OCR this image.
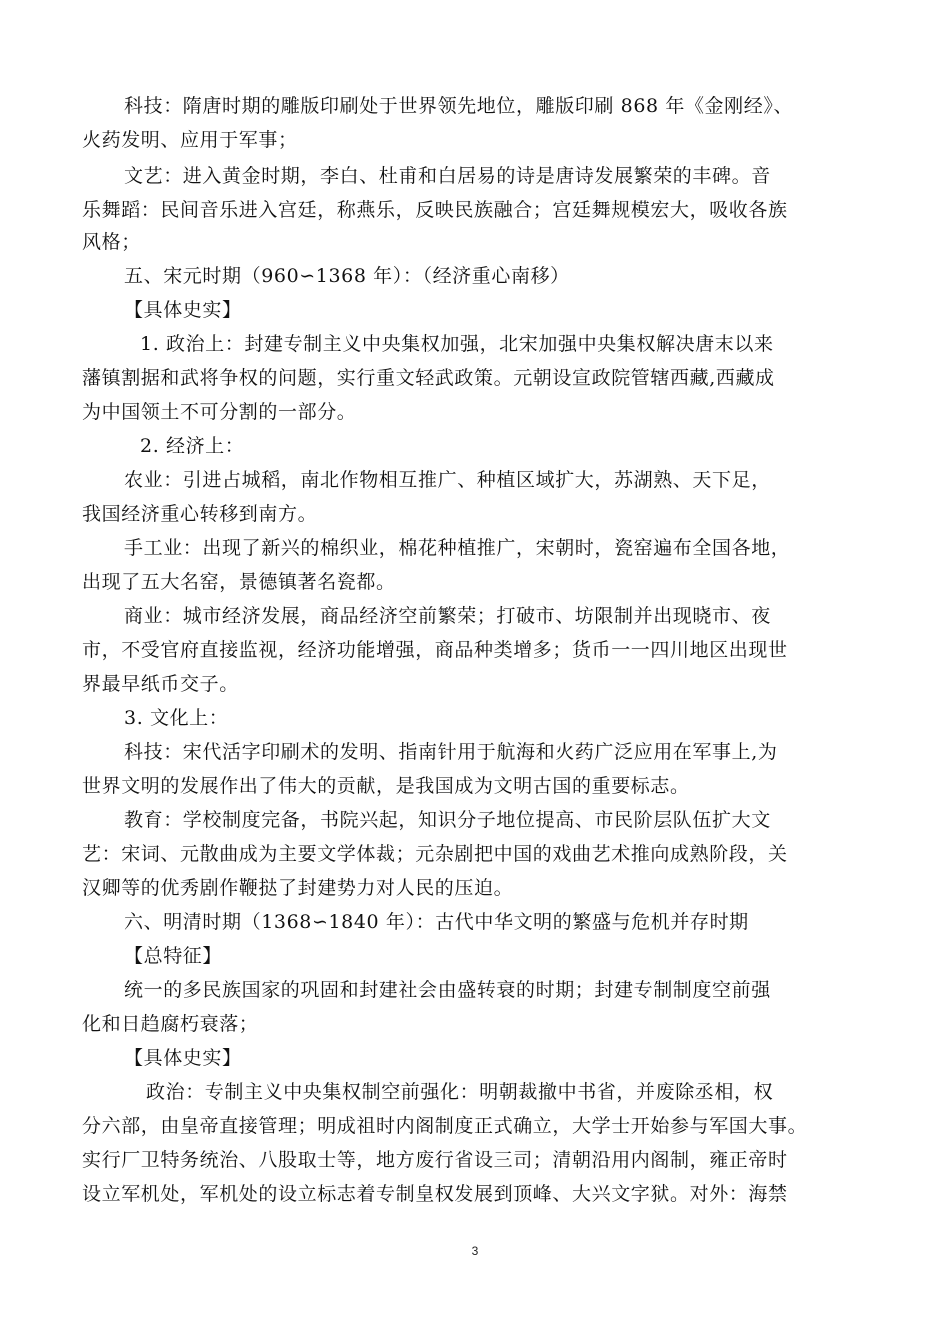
科技：隋唐时期的雕版印刷处于世界领先地位，雕版印刷 868 年《金刚经》、
火药发明、应用于军事；
文艺：进入黄金时期，李白、杜甫和白居易的诗是唐诗发展繁荣的丰碑。音
乐舞蹈：民间音乐进入宫廷，称燕乐，反映民族融合；宫廷舞规模宏大，吸收各族
风格；
五、宋元时期（960∽1368 年）：（经济重心南移）
【具体史实】
1. 政治上：封建专制主义中央集权加强，北宋加强中央集权解决唐末以来
藩镇割据和武将争权的问题，实行重文轻武政策。元朝设宣政院管辖西藏,西藏成
为中国领土不可分割的一部分。
2. 经济上：
农业：引进占城稻，南北作物相互推广、种植区域扩大，苏湖熟、天下足，
我国经济重心转移到南方。
手工业：出现了新兴的棉织业，棉花种植推广，宋朝时，瓷窑遍布全国各地，
出现了五大名窑，景德镇著名瓷都。
商业：城市经济发展，商品经济空前繁荣；打破市、坊限制并出现晓市、夜
市，不受官府直接监视，经济功能增强，商品种类增多；货币一一四川地区出现世
界最早纸币交子。
3. 文化上：
科技：宋代活字印刷术的发明、指南针用于航海和火药广泛应用在军事上,为
世界文明的发展作出了伟大的贡献，是我国成为文明古国的重要标志。
教育：学校制度完备，书院兴起，知识分子地位提高、市民阶层队伍扩大文
艺：宋词、元散曲成为主要文学体裁；元杂剧把中国的戏曲艺术推向成熟阶段，关
汉卿等的优秀剧作鞭挞了封建势力对人民的压迫。
六、明清时期（1368∽1840 年）：古代中华文明的繁盛与危机并存时期
【总特征】
统一的多民族国家的巩固和封建社会由盛转衰的时期；封建专制制度空前强
化和日趋腐朽衰落；
【具体史实】
政治：专制主义中央集权制空前强化：明朝裁撤中书省，并废除丞相，权
分六部，由皇帝直接管理；明成祖时内阁制度正式确立，大学士开始参与军国大事。
实行厂卫特务统治、八股取士等，地方废行省设三司；清朝沿用内阁制，雍正帝时
设立军机处，军机处的设立标志着专制皇权发展到顶峰、大兴文字狱。对外：海禁
3
